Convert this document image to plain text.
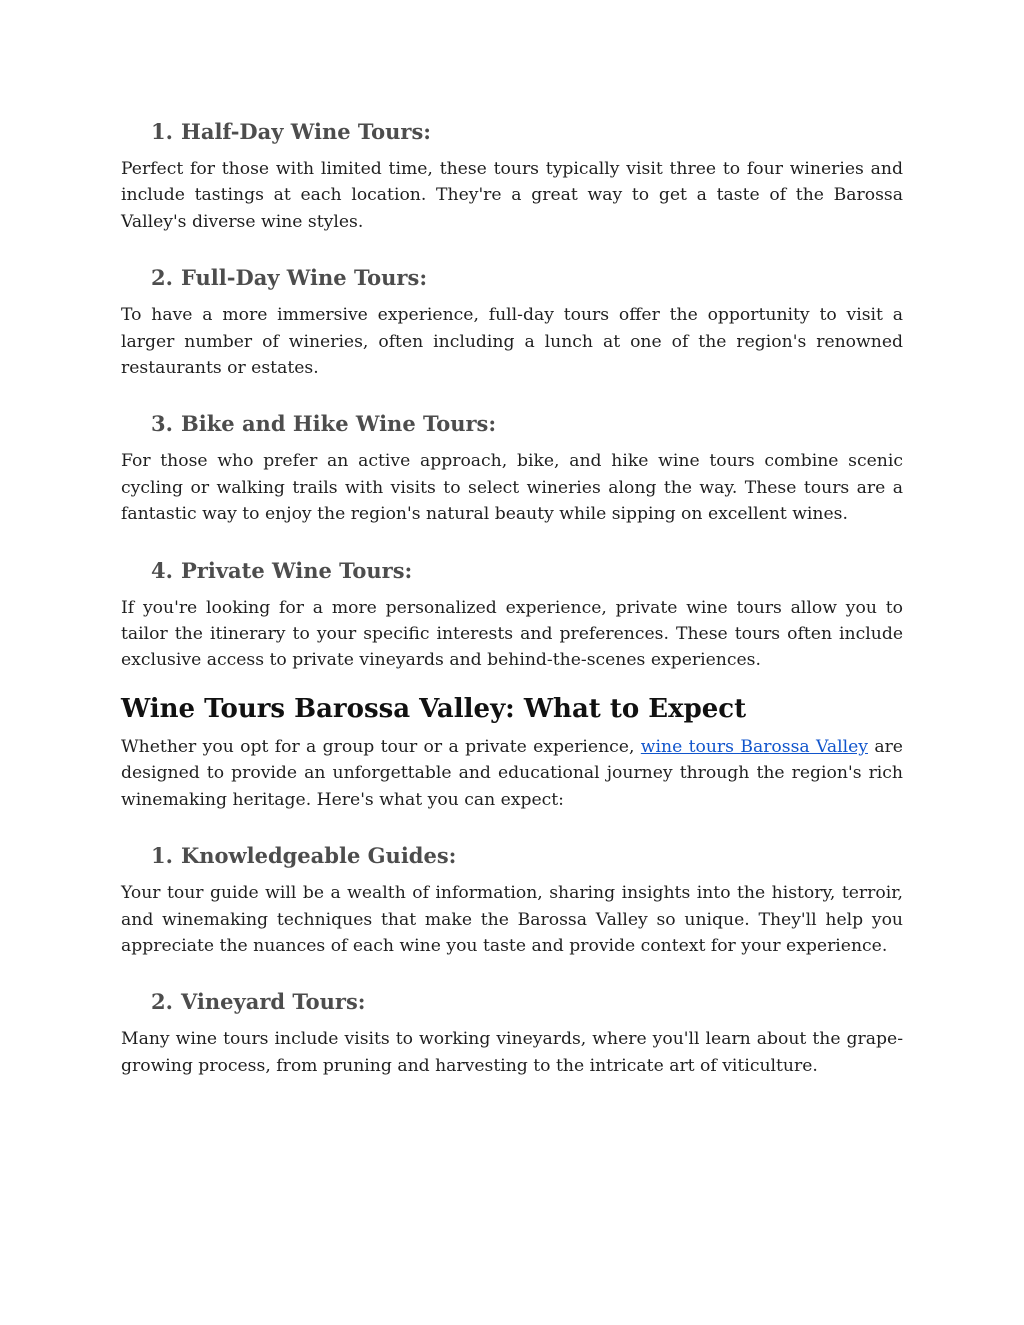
1. Half-Day Wine Tours:

Perfect for those with limited time, these tours typically visit three to four wineries and include tastings at each location. They're a great way to get a taste of the Barossa Valley's diverse wine styles.

2. Full-Day Wine Tours:

To have a more immersive experience, full-day tours offer the opportunity to visit a larger number of wineries, often including a lunch at one of the region's renowned restaurants or estates.

3. Bike and Hike Wine Tours:

For those who prefer an active approach, bike, and hike wine tours combine scenic cycling or walking trails with visits to select wineries along the way. These tours are a fantastic way to enjoy the region's natural beauty while sipping on excellent wines.

4. Private Wine Tours:

If you're looking for a more personalized experience, private wine tours allow you to tailor the itinerary to your specific interests and preferences. These tours often include exclusive access to private vineyards and behind-the-scenes experiences.

Wine Tours Barossa Valley: What to Expect

Whether you opt for a group tour or a private experience, wine tours Barossa Valley are designed to provide an unforgettable and educational journey through the region's rich winemaking heritage. Here's what you can expect:

1. Knowledgeable Guides:

Your tour guide will be a wealth of information, sharing insights into the history, terroir, and winemaking techniques that make the Barossa Valley so unique. They'll help you appreciate the nuances of each wine you taste and provide context for your experience.

2. Vineyard Tours:

Many wine tours include visits to working vineyards, where you'll learn about the grape-growing process, from pruning and harvesting to the intricate art of viticulture.
